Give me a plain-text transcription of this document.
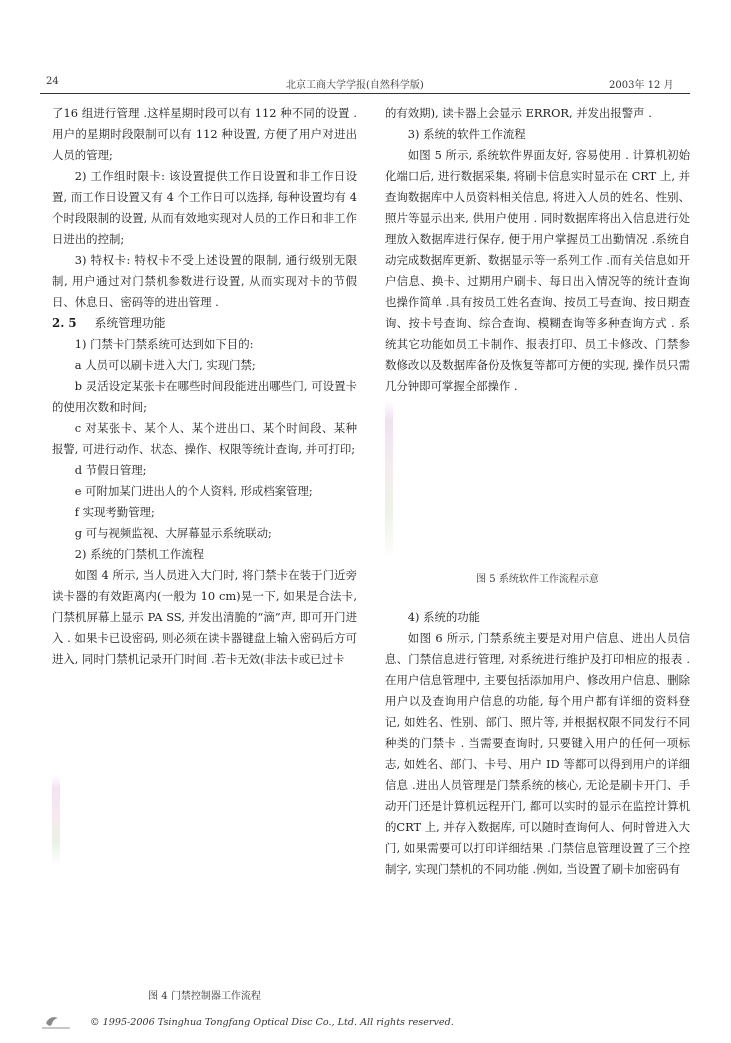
24	北京工商大学学报(自然科学版)	2003年 12 月

了16 组进行管理 .这样星期时段可以有 112 种不同的设置 .用户的星期时段限制可以有 112 种设置, 方便了用户对进出人员的管理;

2) 工作组时限卡: 该设置提供工作日设置和非工作日设置, 而工作日设置又有 4 个工作日可以选择, 每种设置均有 4 个时段限制的设置, 从而有效地实现对人员的工作日和非工作日进出的控制;

3) 特权卡: 特权卡不受上述设置的限制, 通行级别无限制, 用户通过对门禁机参数进行设置, 从而实现对卡的节假日、休息日、密码等的进出管理 .

2. 5 系统管理功能

1) 门禁卡门禁系统可达到如下目的:

a 人员可以刷卡进入大门, 实现门禁;

b 灵活设定某张卡在哪些时间段能进出哪些门, 可设置卡的使用次数和时间;

c 对某张卡、某个人、某个进出口、某个时间段、某种报警, 可进行动作、状态、操作、权限等统计查询, 并可打印;

d 节假日管理;

e 可附加某门进出人的个人资料, 形成档案管理;

f 实现考勤管理;

g 可与视频监视、大屏幕显示系统联动;

2) 系统的门禁机工作流程

如图 4 所示, 当人员进入大门时, 将门禁卡在装于门近旁读卡器的有效距离内(一般为 10 cm)晃一下, 如果是合法卡, 门禁机屏幕上显示 PA SS, 并发出清脆的“滴”声, 即可开门进入 . 如果卡已设密码, 则必须在读卡器键盘上输入密码后方可进入, 同时门禁机记录开门时间 .若卡无效(非法卡或已过卡

图 4 门禁控制器工作流程

的有效期), 读卡器上会显示 ERROR, 并发出报警声 .

3) 系统的软件工作流程

如图 5 所示, 系统软件界面友好, 容易使用 . 计算机初始化端口后, 进行数据采集, 将刷卡信息实时显示在 CRT 上, 并查询数据库中人员资料相关信息, 将进入人员的姓名、性别、照片等显示出来, 供用户使用 . 同时数据库将出入信息进行处理放入数据库进行保存, 便于用户掌握员工出勤情况 .系统自动完成数据库更新、数据显示等一系列工作 .而有关信息如开户信息、换卡、过期用户刷卡、每日出入情况等的统计查询也操作简单 .具有按员工姓名查询、按员工号查询、按日期查询、按卡号查询、综合查询、模糊查询等多种查询方式 . 系统其它功能如员工卡制作、报表打印、员工卡修改、门禁参数修改以及数据库备份及恢复等都可方便的实现, 操作员只需几分钟即可掌握全部操作 .

图 5 系统软件工作流程示意

4) 系统的功能

如图 6 所示, 门禁系统主要是对用户信息、进出人员信息、门禁信息进行管理, 对系统进行维护及打印相应的报表 .在用户信息管理中, 主要包括添加用户、修改用户信息、删除用户以及查询用户信息的功能, 每个用户都有详细的资料登记, 如姓名、性别、部门、照片等, 并根据权限不同发行不同种类的门禁卡 . 当需要查询时, 只要键入用户的任何一项标志, 如姓名、部门、卡号、用户 ID 等都可以得到用户的详细信息 .进出人员管理是门禁系统的核心, 无论是刷卡开门、手动开门还是计算机远程开门, 都可以实时的显示在监控计算机的CRT 上, 并存入数据库, 可以随时查询何人、何时曾进入大门, 如果需要可以打印详细结果 .门禁信息管理设置了三个控制字, 实现门禁机的不同功能 .例如, 当设置了刷卡加密码有

© 1995-2006 Tsinghua Tongfang Optical Disc Co., Ltd. All rights reserved.
